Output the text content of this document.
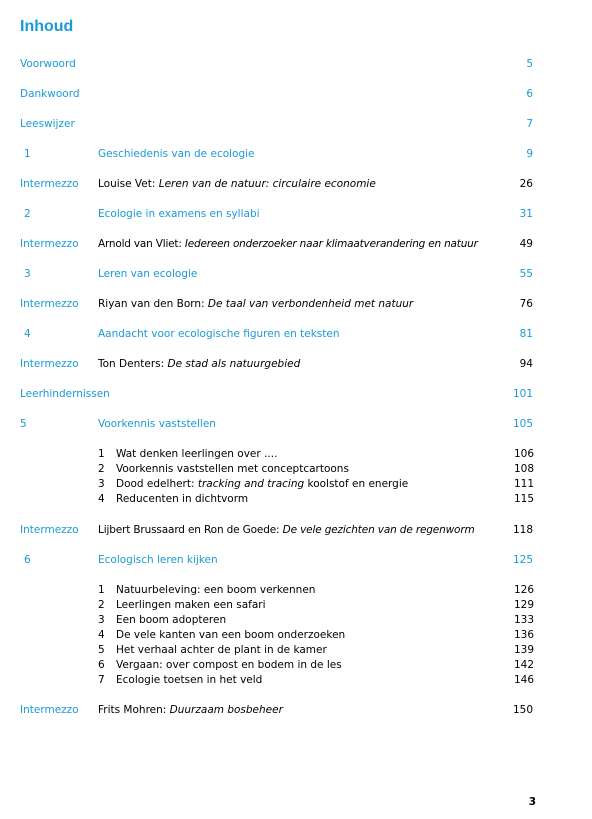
Inhoud
Voorwoord	5
Dankwoord	6
Leeswijzer	7
1	Geschiedenis van de ecologie	9
Intermezzo Louise Vet: Leren van de natuur: circulaire economie	26
2	Ecologie in examens en syllabi	31
Intermezzo Arnold van Vliet: Iedereen onderzoeker naar klimaatverandering en natuur	49
3	Leren van ecologie	55
Intermezzo Riyan van den Born: De taal van verbondenheid met natuur	76
4	Aandacht voor ecologische figuren en teksten	81
Intermezzo Ton Denters: De stad als natuurgebied	94
Leerhindernissen	101
5	Voorkennis vaststellen	105
1 Wat denken leerlingen over ....	106
2 Voorkennis vaststellen met conceptcartoons	108
3 Dood edelhert: tracking and tracing koolstof en energie	111
4 Reducenten in dichtvorm	115
Intermezzo Lijbert Brussaard en Ron de Goede: De vele gezichten van de regenworm	118
6	Ecologisch leren kijken	125
1 Natuurbeleving: een boom verkennen	126
2 Leerlingen maken een safari	129
3 Een boom adopteren	133
4 De vele kanten van een boom onderzoeken	136
5 Het verhaal achter de plant in de kamer	139
6 Vergaan: over compost en bodem in de les	142
7 Ecologie toetsen in het veld	146
Intermezzo Frits Mohren: Duurzaam bosbeheer	150
3
